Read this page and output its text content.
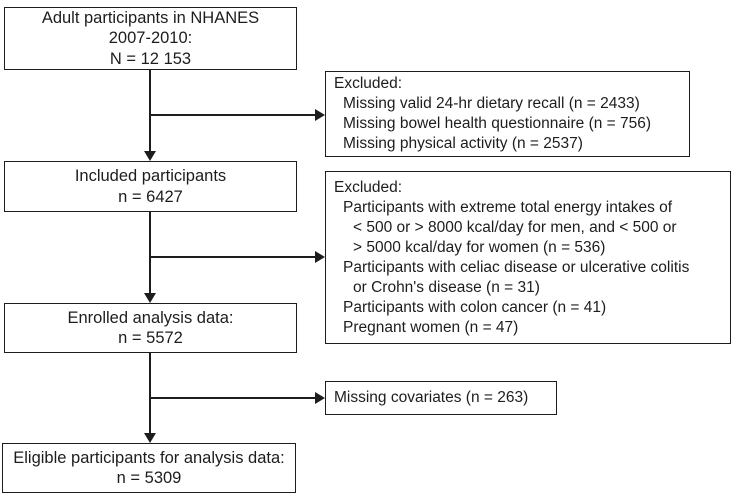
Adult participants in NHANES
2007-2010:
N = 12 153
Included participants
n = 6427
Enrolled analysis data:
n = 5572
Eligible participants for analysis data:
n = 5309
Excluded:
Missing valid 24-hr dietary recall (n = 2433)
Missing bowel health questionnaire (n = 756)
Missing physical activity (n = 2537)
Excluded:
Participants with extreme total energy intakes of
< 500 or > 8000 kcal/day for men, and < 500 or
> 5000 kcal/day for women (n = 536)
Participants with celiac disease or ulcerative colitis
or Crohn's disease (n = 31)
Participants with colon cancer (n = 41)
Pregnant women (n = 47)
Missing covariates (n = 263)
